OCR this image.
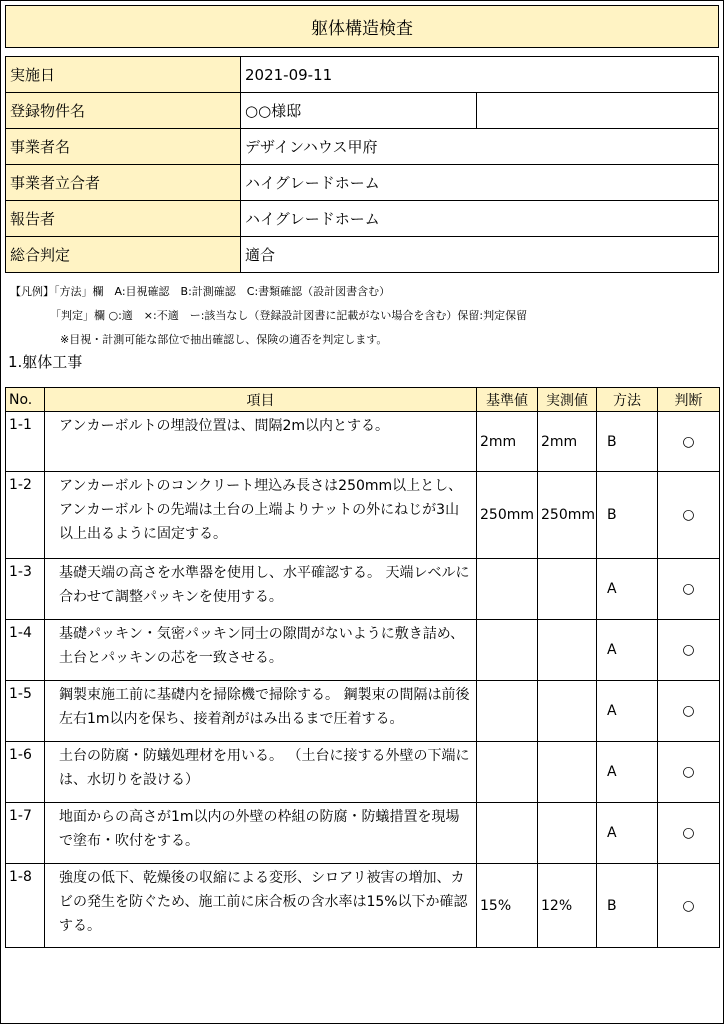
躯体構造検査
実施日	2021-09-11	
登録物件名	○○様邸	
事業者名	デザインハウス甲府	
事業者立合者	ハイグレードホーム	
報告者	ハイグレードホーム	
総合判定	適合	
【凡例】「方法」欄　A:目視確認　B:計測確認　C:書類確認（設計図書含む）
「判定」欄 ○:適　×:不適　ー:該当なし（登録設計図書に記載がない場合を含む）保留:判定保留
※目視・計測可能な部位で抽出確認し、保険の適否を判定します。
1.躯体工事
No.	項目	基準値	実測値	方法	判断
1-1	アンカーボルトの埋設位置は、間隔2m以内とする。	2mm	2mm	B	○
1-2	アンカーボルトのコンクリート埋込み長さは250mm以上とし、アンカーボルトの先端は土台の上端よりナットの外にねじが3山以上出るように固定する。	250mm	250mm	B	○
1-3	基礎天端の高さを水準器を使用し、水平確認する。 天端レベルに合わせて調整パッキンを使用する。			A	○
1-4	基礎パッキン・気密パッキン同士の隙間がないように敷き詰め、土台とパッキンの芯を一致させる。			A	○
1-5	鋼製束施工前に基礎内を掃除機で掃除する。 鋼製束の間隔は前後左右1m以内を保ち、接着剤がはみ出るまで圧着する。			A	○
1-6	土台の防腐・防蟻処理材を用いる。 （土台に接する外壁の下端には、水切りを設ける）			A	○
1-7	地面からの高さが1m以内の外壁の枠組の防腐・防蟻措置を現場で塗布・吹付をする。			A	○
1-8	強度の低下、乾燥後の収縮による変形、シロアリ被害の増加、カビの発生を防ぐため、施工前に床合板の含水率は15%以下か確認する。	15%	12%	B	○
